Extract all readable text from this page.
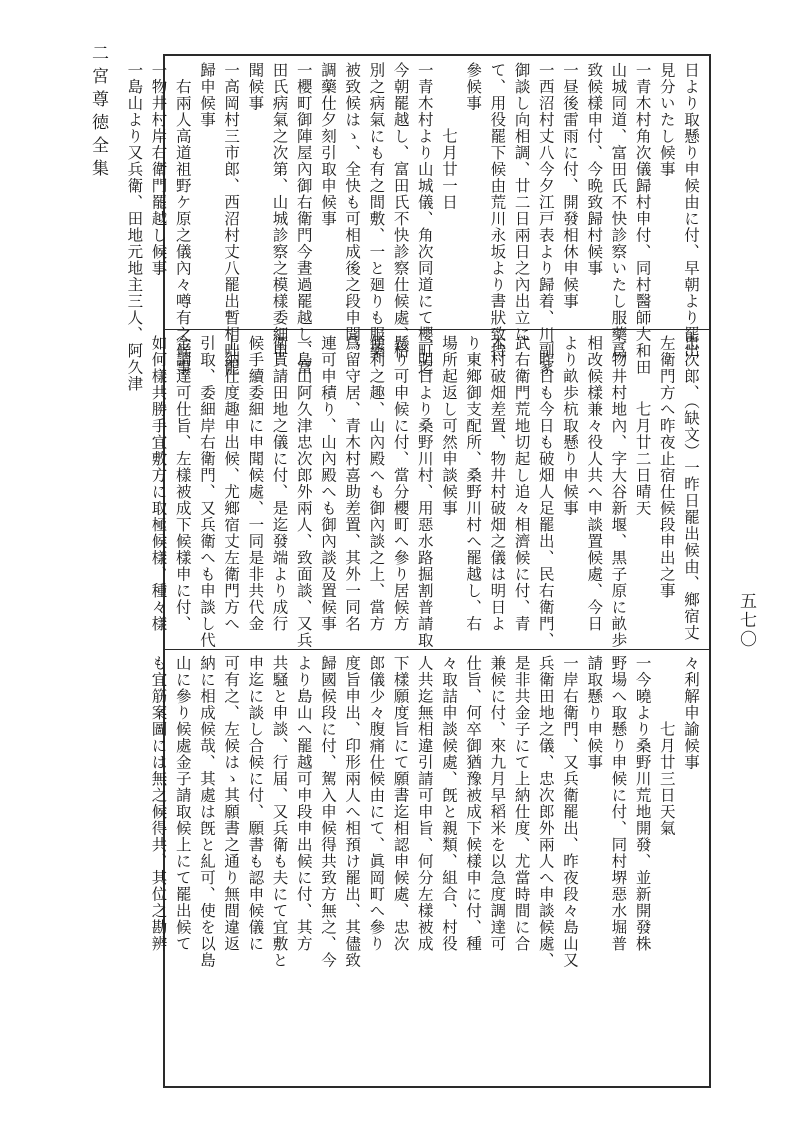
二宮尊徳全集
五七〇
日より取懸り申候由に付、早朝より罷出
見分いたし候事
一青木村角次儀歸村申付、同村醫師大和田
山城同道、富田氏不快診察いたし服藥爲
致候樣申付、今晩致歸村候事
一昼後雷雨に付、開發相休申候事
一西沼村丈八今夕江戸表より歸着、川副家
御談し向相調、廿二日兩日之內出立に
て、用役罷下候由荒川永坂より書狀致持
參候事
　　　　七月廿一日
一青木村より山城儀、角次同道にて櫻町迄
今朝罷越し、富田氏不快診察仕候處、格
別之病氣にも有之間敷、一と廻りも服藥
被致候はゝ、全快も可相成後之段申聞、
調藥仕夕刻引取申候事
一櫻町御陣屋內御右衛門今晝過罷越し、富
田氏病氣之次第、山城診察之模樣委細申
聞候事
一高岡村三市郎、西沼村丈八罷出暫相咄罷
歸申候事
　右兩人高道祖野ケ原之儀內々噂有之候事
一物井村岸右衛門罷越し候事
一島山より又兵衛、田地元地主三人、阿久津
忠次郎、（缺文）一昨日罷出候由、鄉宿丈
左衛門方へ昨夜止宿仕候段申出之事
　　　　七月廿二日晴天
一物井村地內、字大谷新堰、黒子原に畝歩
相改候樣兼々役人共へ申談置候處、今日
より畝歩杭取懸り申候事
一昨日も今日も破畑人足罷出、民右衛門、
武右衛門荒地切起し追々相濟候に付、青
木村破畑差置、物井村破畑之儀は明日よ
り東鄉御支配所、桑野川村へ罷越し、右
場所起返し可然申談候事
一明日より桑野川村、用惡水路掘割普請取
懸り可申候に付、當分櫻町へ參り居候方
便利之趣、山內殿へも御內談之上、當方
爲留守居、青木村喜助差置、其外一同名
連可申積り、山內殿へも御內談及置候事
一島山阿久津忠次郎外兩人、致面談、又兵
衛貰請田地之儀に付、是迄發端より成行
候手續委細に申聞候處、一同是非共代金
上納仕度趣申出候、尤鄉宿丈左衛門方へ
引取、委細岸右衛門、又兵衛へも申談し代
金調達可仕旨、左樣被成下候樣申に付、
如何樣共勝手宜敷方に取極候樣、種々樣
々利解申諭候事
　　　　七月廿三日天氣
一今曉より桑野川荒地開發、並新開發株
野場へ取懸り申候に付、同村堺惡水堀普
請取懸り申候事
一岸右衛門、又兵衛罷出、昨夜段々島山又
兵衛田地之儀、忠次郎外兩人へ申談候處、
是非共金子にて上納仕度、尤當時間に合
兼候に付、來九月早稻米を以急度調達可
仕旨、何卒御猶豫被成下候樣申に付、種
々取詰申談候處、旣と親類、組合、村役
人共迄無相違引請可申旨、何分左樣被成
下樣願度旨にて願書迄相認申候處、忠次
郎儀少々腹痛仕候由にて、眞岡町へ參り
度旨申出、印形兩人へ相預け罷出、其儘致
歸國候段に付、駕入申候得共致方無之、今
より島山へ罷越可申段申出候に付、其方
共騒と申談、行届、又兵衛も夫にて宜敷と
申迄に談し合候に付、願書も認申候儀に
可有之、左候はゝ其願書之通り無間違返
納に相成候哉、其處は旣と糺可、使を以島
山に參り候處金子請取候上にて罷出候て
も宜筋案圖には無之候得共、其位之勘辨
